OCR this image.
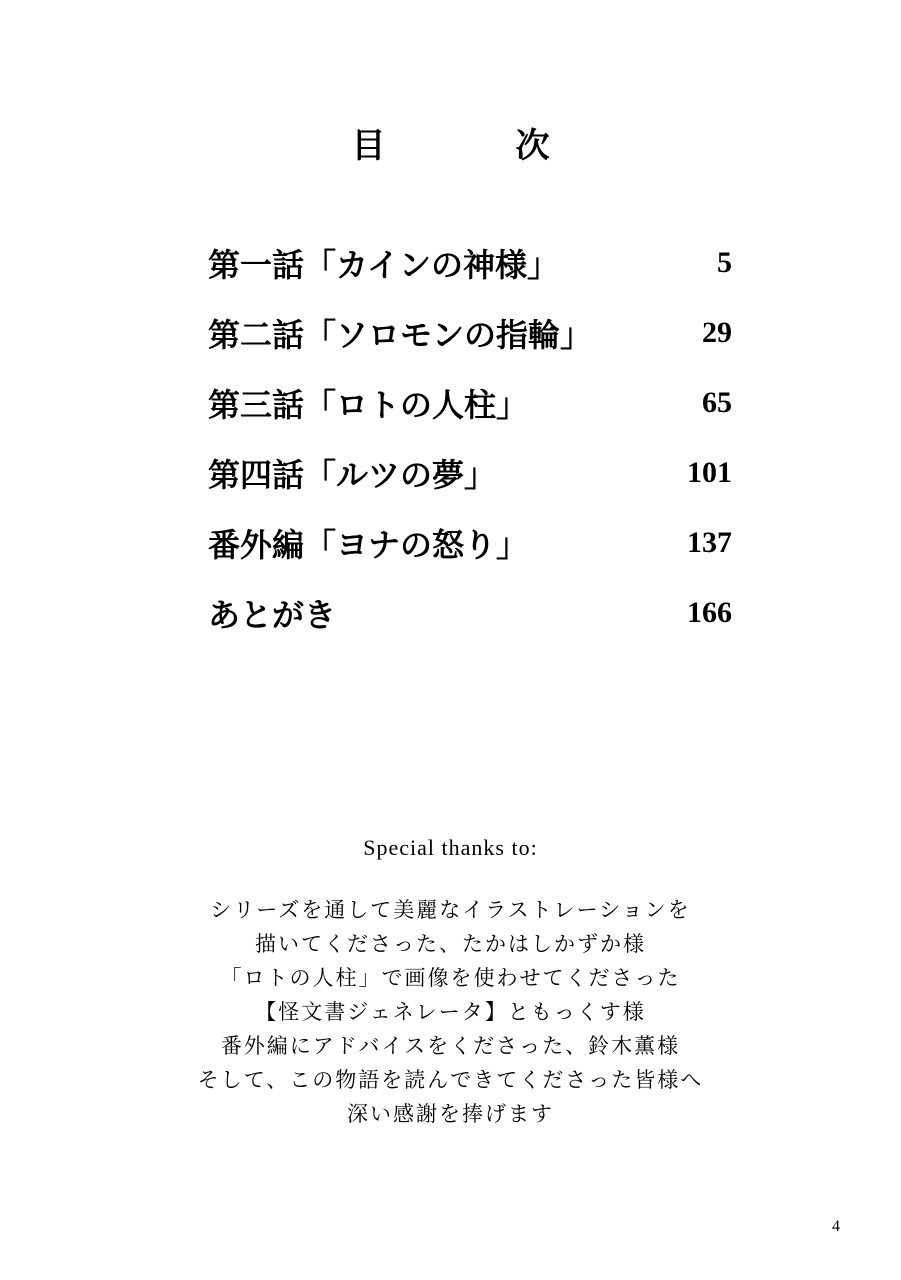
目　次
第一話「カインの神様」	5
第二話「ソロモンの指輪」	29
第三話「ロトの人柱」	65
第四話「ルツの夢」	101
番外編「ヨナの怒り」	137
あとがき	166
Special thanks to:
シリーズを通して美麗なイラストレーションを
描いてくださった、たかはしかずか様
「ロトの人柱」で画像を使わせてくださった
【怪文書ジェネレータ】ともっくす様
番外編にアドバイスをくださった、鈴木薫様
そして、この物語を読んできてくださった皆様へ
深い感謝を捧げます
4
